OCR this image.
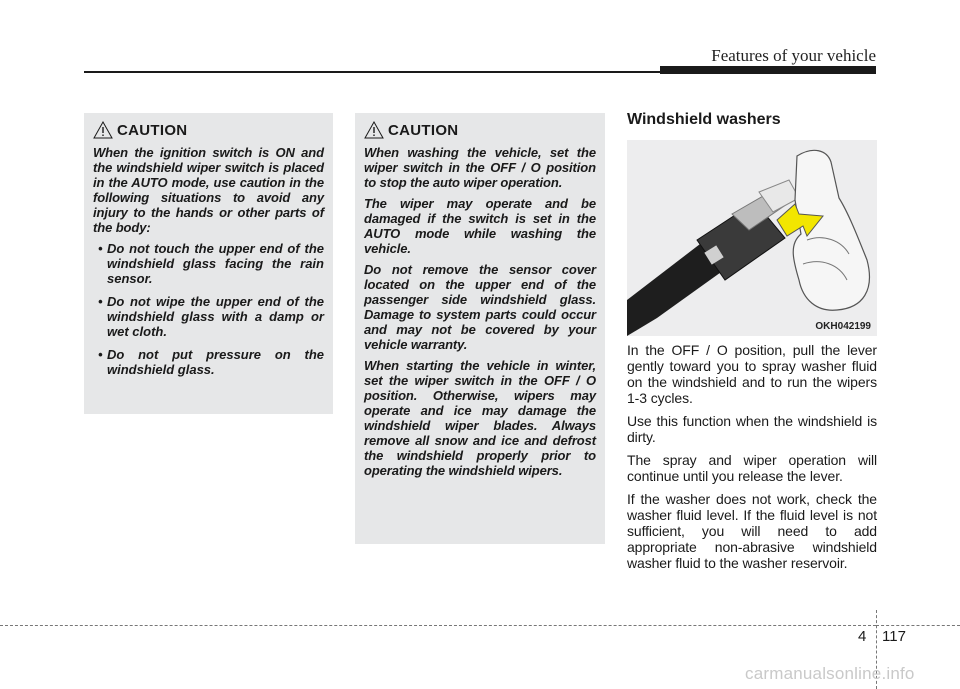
Features of your vehicle
CAUTION

When the ignition switch is ON and the windshield wiper switch is placed in the AUTO mode, use caution in the following situations to avoid any injury to the hands or other parts of the body:

• Do not touch the upper end of the windshield glass facing the rain sensor.
• Do not wipe the upper end of the windshield glass with a damp or wet cloth.
• Do not put pressure on the windshield glass.
CAUTION

When washing the vehicle, set the wiper switch in the OFF / O position to stop the auto wiper operation.

The wiper may operate and be damaged if the switch is set in the AUTO mode while washing the vehicle.

Do not remove the sensor cover located on the upper end of the passenger side windshield glass. Damage to system parts could occur and may not be covered by your vehicle warranty.

When starting the vehicle in winter, set the wiper switch in the OFF / O position. Otherwise, wipers may operate and ice may damage the windshield wiper blades. Always remove all snow and ice and defrost the windshield properly prior to operating the windshield wipers.

Windshield washers
OKH042199

In the OFF / O position, pull the lever gently toward you to spray washer fluid on the windshield and to run the wipers 1-3 cycles.

Use this function when the windshield is dirty.

The spray and wiper operation will continue until you release the lever.

If the washer does not work, check the washer fluid level. If the fluid level is not sufficient, you will need to add appropriate non-abrasive windshield washer fluid to the washer reservoir.

4 117
carmanualsonline.info
